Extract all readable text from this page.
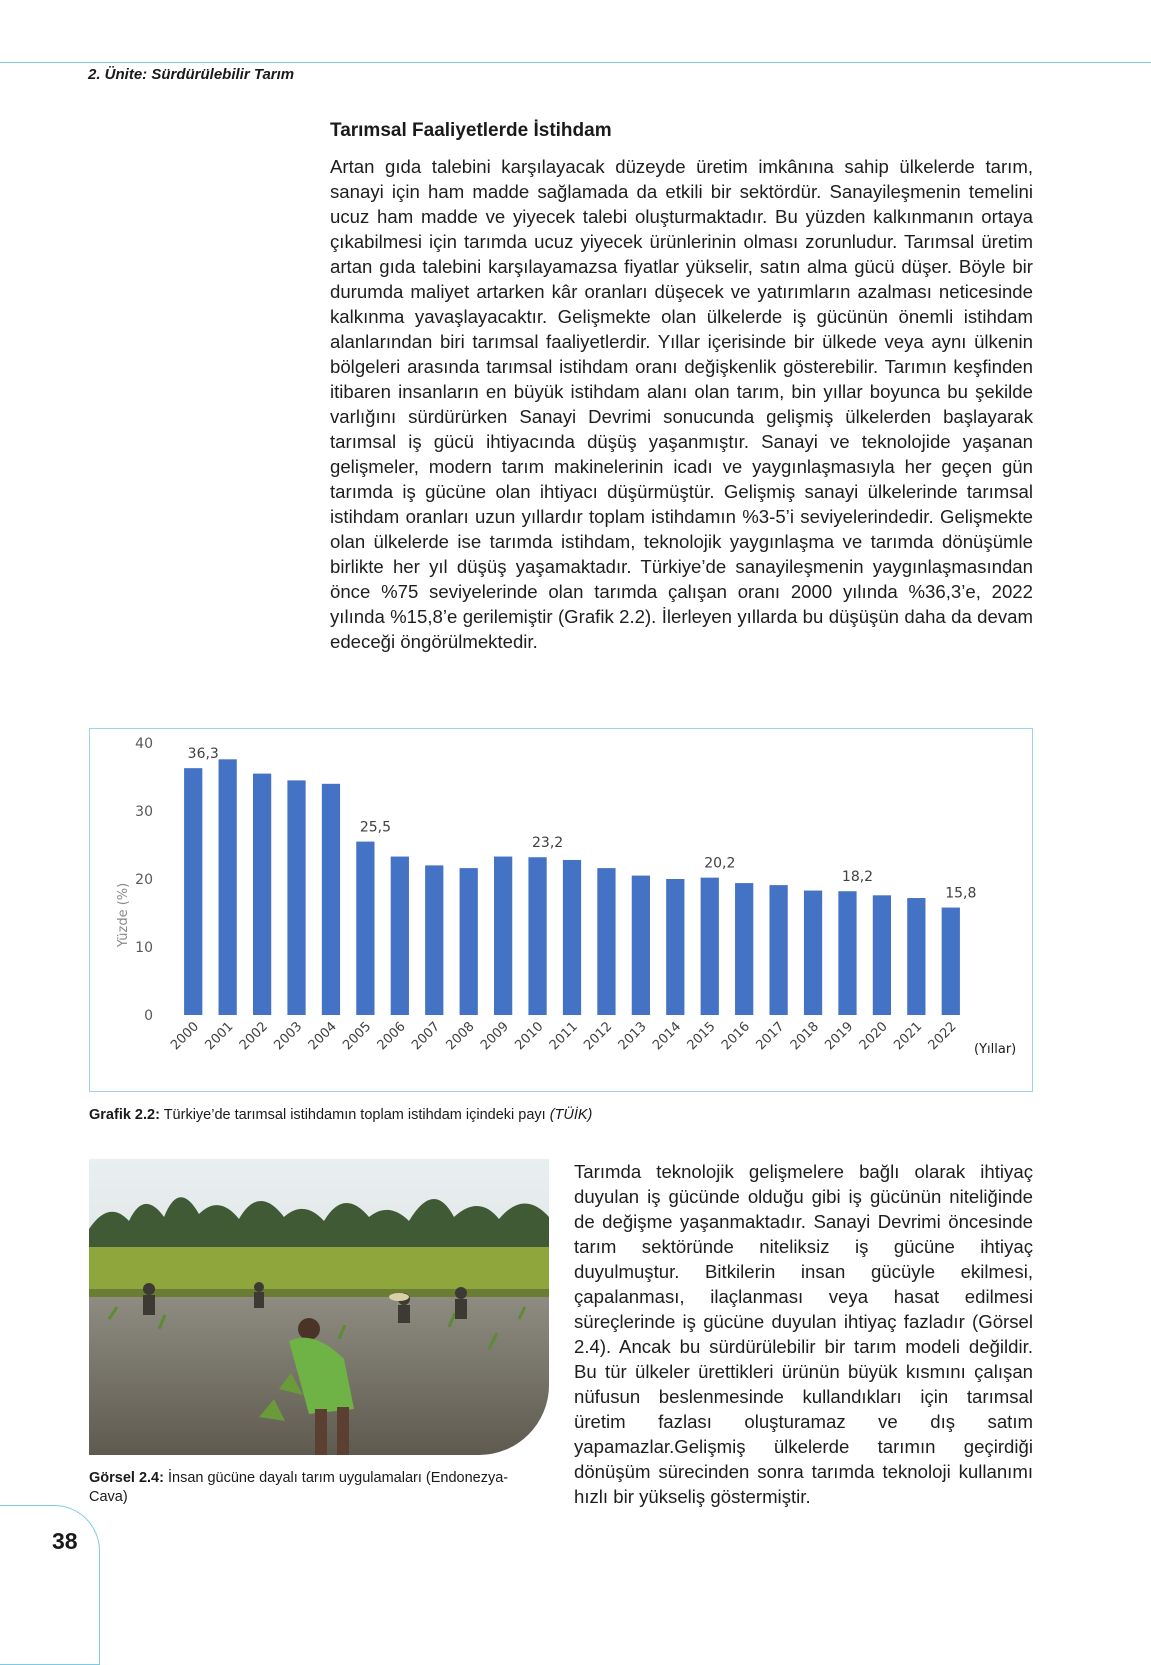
2. Ünite: Sürdürülebilir Tarım
Tarımsal Faaliyetlerde İstihdam

Artan gıda talebini karşılayacak düzeyde üretim imkânına sahip ülkelerde tarım, sanayi için ham madde sağlamada da etkili bir sektördür. Sanayileşmenin temelini ucuz ham madde ve yiyecek talebi oluşturmaktadır. Bu yüzden kalkınmanın ortaya çıkabilmesi için tarımda ucuz yiyecek ürünlerinin olması zorunludur. Tarımsal üretim artan gıda talebini karşılayamazsa fiyatlar yükselir, satın alma gücü düşer. Böyle bir durumda maliyet artarken kâr oranları düşecek ve yatırımların azalması neticesinde kalkınma yavaşlayacaktır. Gelişmekte olan ülkelerde iş gücünün önemli istihdam alanlarından biri tarımsal faaliyetlerdir. Yıllar içerisinde bir ülkede veya aynı ülkenin bölgeleri arasında tarımsal istihdam oranı değişkenlik gösterebilir. Tarımın keşfinden itibaren insanların en büyük istihdam alanı olan tarım, bin yıllar boyunca bu şekilde varlığını sürdürürken Sanayi Devrimi sonucunda gelişmiş ülkelerden başlayarak tarımsal iş gücü ihtiyacında düşüş yaşanmıştır. Sanayi ve teknolojide yaşanan gelişmeler, modern tarım makinelerinin icadı ve yaygınlaşmasıyla her geçen gün tarımda iş gücüne olan ihtiyacı düşürmüştür. Gelişmiş sanayi ülkelerinde tarımsal istihdam oranları uzun yıllardır toplam istihdamın %3-5’i seviyelerindedir. Gelişmekte olan ülkelerde ise tarımda istihdam, teknolojik yaygınlaşma ve tarımda dönüşümle birlikte her yıl düşüş yaşamaktadır. Türkiye’de sanayileşmenin yaygınlaşmasından önce %75 seviyelerinde olan tarımda çalışan oranı 2000 yılında %36,3’e, 2022 yılında %15,8’e gerilemiştir (Grafik 2.2). İlerleyen yıllarda bu düşüşün daha da devam edeceği öngörülmektedir.

Yüzde (%)
(Yıllar)
0
10
20
30
40
2000
36,3
2001 2002 2003 2004 2005
25,5
2006 2007 2008 2009 2010
23,2
2011 2012 2013 2014 2015
20,2
2016 2017 2018 2019
18,2
2020 2021 2022
15,8
Grafik 2.2: Türkiye’de tarımsal istihdamın toplam istihdam içindeki payı (TÜİK)
Görsel 2.4: İnsan gücüne dayalı tarım uygulamaları (Endonezya-Cava)

Tarımda teknolojik gelişmelere bağlı olarak ihtiyaç duyulan iş gücünde olduğu gibi iş gücünün niteliğinde de değişme yaşanmaktadır. Sanayi Devrimi öncesinde tarım sektöründe niteliksiz iş gücüne ihtiyaç duyulmuştur. Bitkilerin insan gücüyle ekilmesi, çapalanması, ilaçlanması veya hasat edilmesi süreçlerinde iş gücüne duyulan ihtiyaç fazladır (Görsel 2.4). Ancak bu sürdürülebilir bir tarım modeli değildir. Bu tür ülkeler ürettikleri ürünün büyük kısmını çalışan nüfusun beslenmesinde kullandıkları için tarımsal üretim fazlası oluşturamaz ve dış satım yapamazlar.Gelişmiş ülkelerde tarımın geçirdiği dönüşüm sürecinden sonra tarımda teknoloji kullanımı hızlı bir yükseliş göstermiştir.

38
